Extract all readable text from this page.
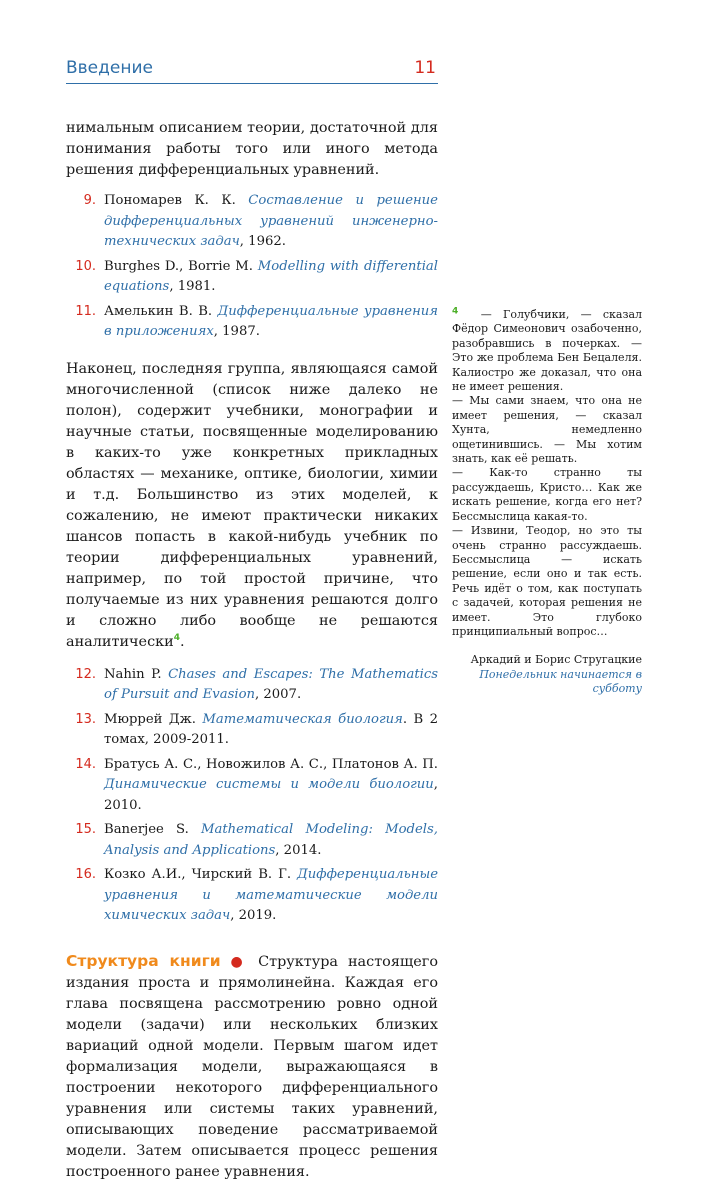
Введение	11

нимальным описанием теории, достаточной для понимания работы того или иного метода решения дифференциальных уравнений.

9. Пономарев К. К. Составление и решение дифференциальных уравнений инженерно-технических задач, 1962.
10. Burghes D., Borrie M. Modelling with differential equations, 1981.
11. Амелькин В. В. Дифференциальные уравнения в приложениях, 1987.

Наконец, последняя группа, являющаяся самой многочисленной (список ниже далеко не полон), содержит учебники, монографии и научные статьи, посвященные моделированию в каких-то уже конкретных прикладных областях — механике, оптике, биологии, химии и т.д. Большинство из этих моделей, к сожалению, не имеют практически никаких шансов попасть в какой-нибудь учебник по теории дифференциальных уравнений, например, по той простой причине, что получаемые из них уравнения решаются долго и сложно либо вообще не решаются аналитически$^4$.

12. Nahin P. Chases and Escapes: The Mathematics of Pursuit and Evasion, 2007.
13. Мюррей Дж. Математическая биология. В 2 томах, 2009-2011.
14. Братусь А. С., Новожилов А. С., Платонов А. П. Динамические системы и модели биологии, 2010.
15. Banerjee S. Mathematical Modeling: Models, Analysis and Applications, 2014.
16. Козко А.И., Чирский В. Г. Дифференциальные уравнения и математические модели химических задач, 2019.

Структура книги ● Структура настоящего издания проста и прямолинейна. Каждая его глава посвящена рассмотрению ровно одной модели (задачи) или нескольких близких вариаций одной модели. Первым шагом идет формализация модели, выражающаяся в построении некоторого дифференциального уравнения или системы таких уравнений, описывающих поведение рассматриваемой модели. Затем описывается процесс решения построенного ранее уравнения.

$^4$ — Голубчики, — сказал Фёдор Симеонович озабоченно, разобравшись в почерках. — Это же проблема Бен Бецалеля. Калиостро же доказал, что она не имеет решения.

— Мы сами знаем, что она не имеет решения, — сказал Хунта, немедленно ощетинившись. — Мы хотим знать, как её решать.

— Как-то странно ты рассуждаешь, Кристо… Как же искать решение, когда его нет? Бессмыслица какая-то.

— Извини, Теодор, но это ты очень странно рассуждаешь. Бессмыслица — искать решение, если оно и так есть. Речь идёт о том, как поступать с задачей, которая решения не имеет. Это глубоко принципиальный вопрос…

Аркадий и Борис Стругацкие
Понедельник начинается в субботу
